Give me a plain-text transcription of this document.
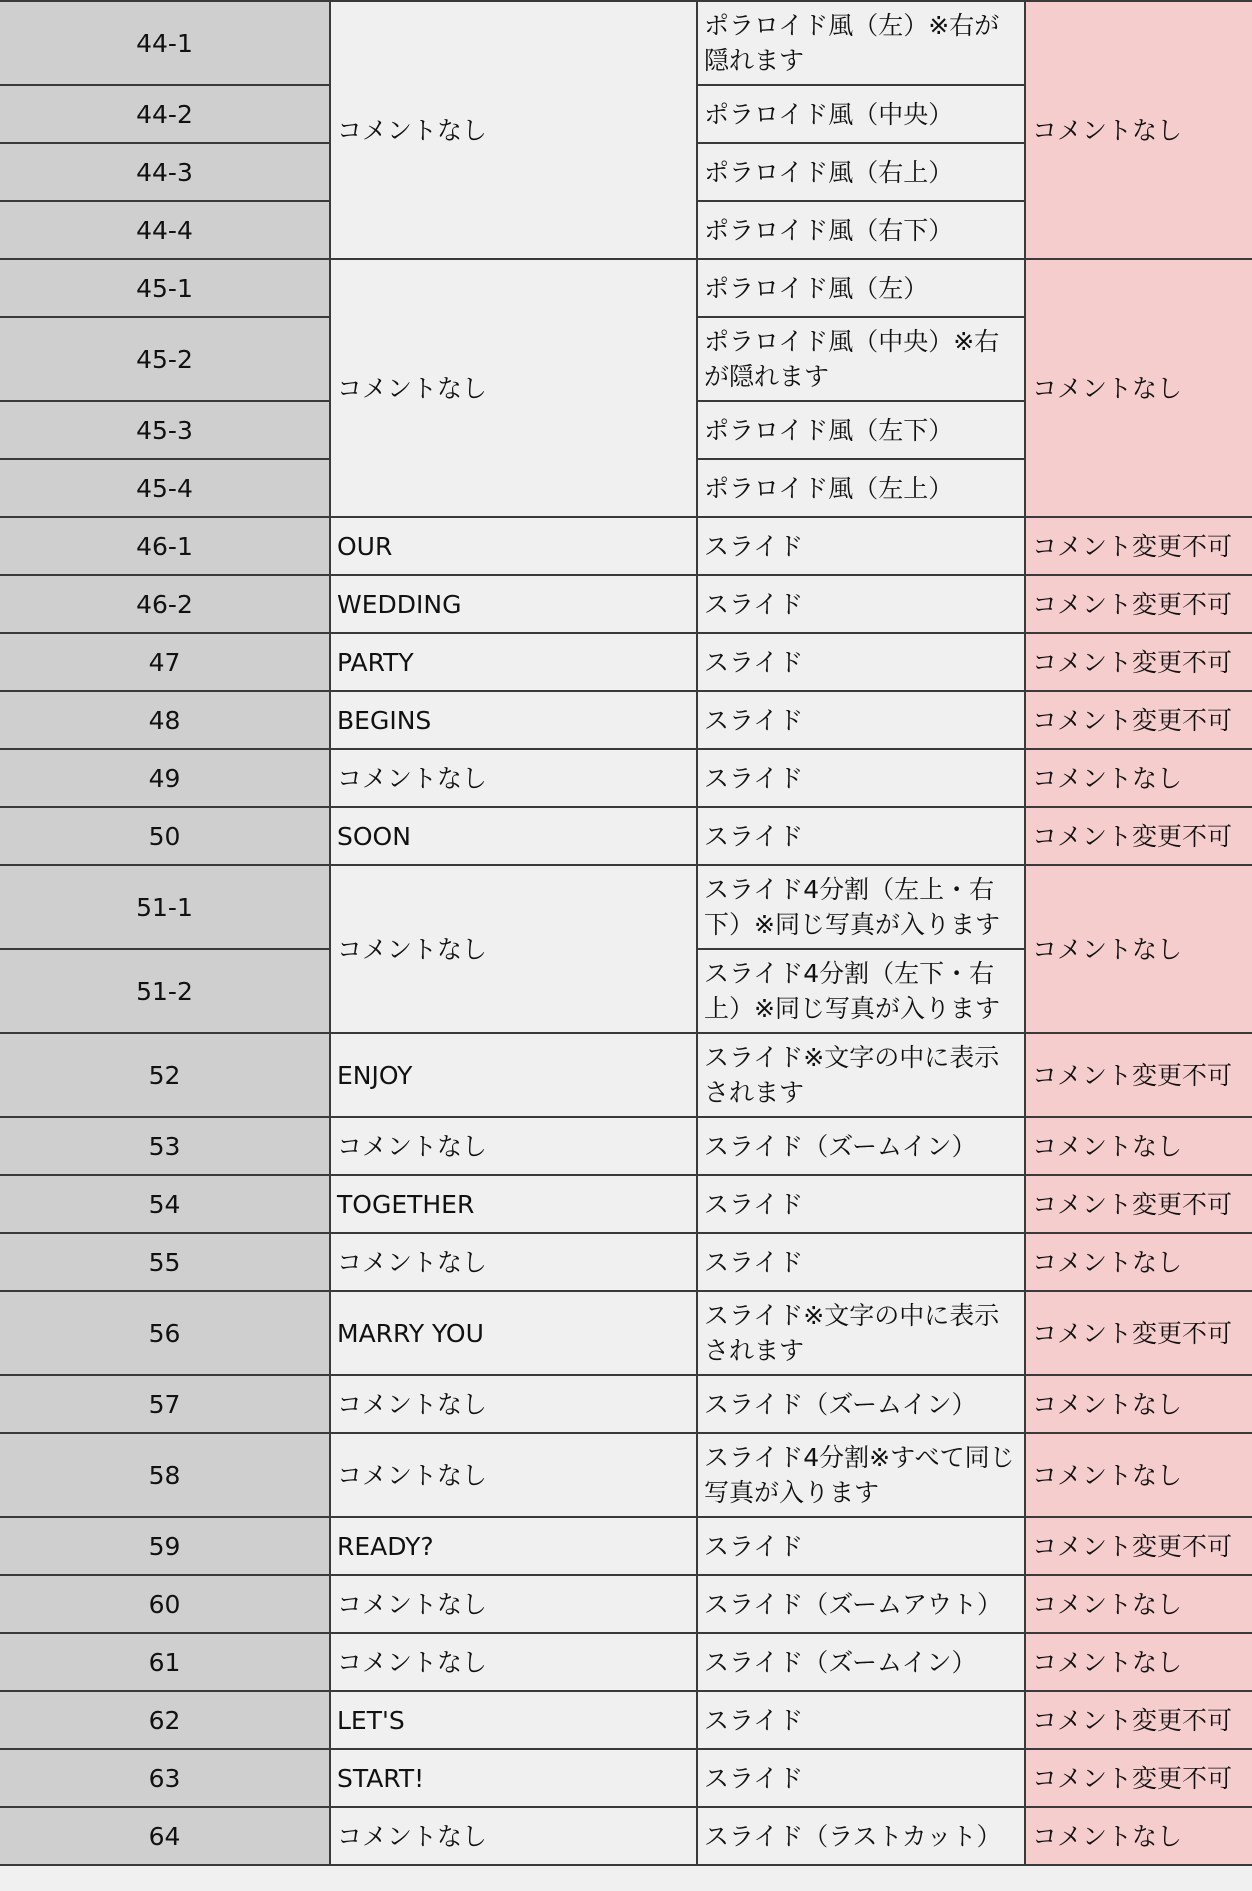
44-1	コメントなし	ポラロイド風（左）※右が隠れます	コメントなし
44-2		ポラロイド風（中央）	
44-3		ポラロイド風（右上）	
44-4		ポラロイド風（右下）	
45-1	コメントなし	ポラロイド風（左）	コメントなし
45-2		ポラロイド風（中央）※右が隠れます	
45-3		ポラロイド風（左下）	
45-4		ポラロイド風（左上）	
46-1	OUR	スライド	コメント変更不可
46-2	WEDDING	スライド	コメント変更不可
47	PARTY	スライド	コメント変更不可
48	BEGINS	スライド	コメント変更不可
49	コメントなし	スライド	コメントなし
50	SOON	スライド	コメント変更不可
51-1	コメントなし	スライド4分割（左上・右下）※同じ写真が入ります	コメントなし
51-2		スライド4分割（左下・右上）※同じ写真が入ります	
52	ENJOY	スライド※文字の中に表示されます	コメント変更不可
53	コメントなし	スライド（ズームイン）	コメントなし
54	TOGETHER	スライド	コメント変更不可
55	コメントなし	スライド	コメントなし
56	MARRY YOU	スライド※文字の中に表示されます	コメント変更不可
57	コメントなし	スライド（ズームイン）	コメントなし
58	コメントなし	スライド4分割※すべて同じ写真が入ります	コメントなし
59	READY?	スライド	コメント変更不可
60	コメントなし	スライド（ズームアウト）	コメントなし
61	コメントなし	スライド（ズームイン）	コメントなし
62	LET'S	スライド	コメント変更不可
63	START!	スライド	コメント変更不可
64	コメントなし	スライド（ラストカット）	コメントなし
